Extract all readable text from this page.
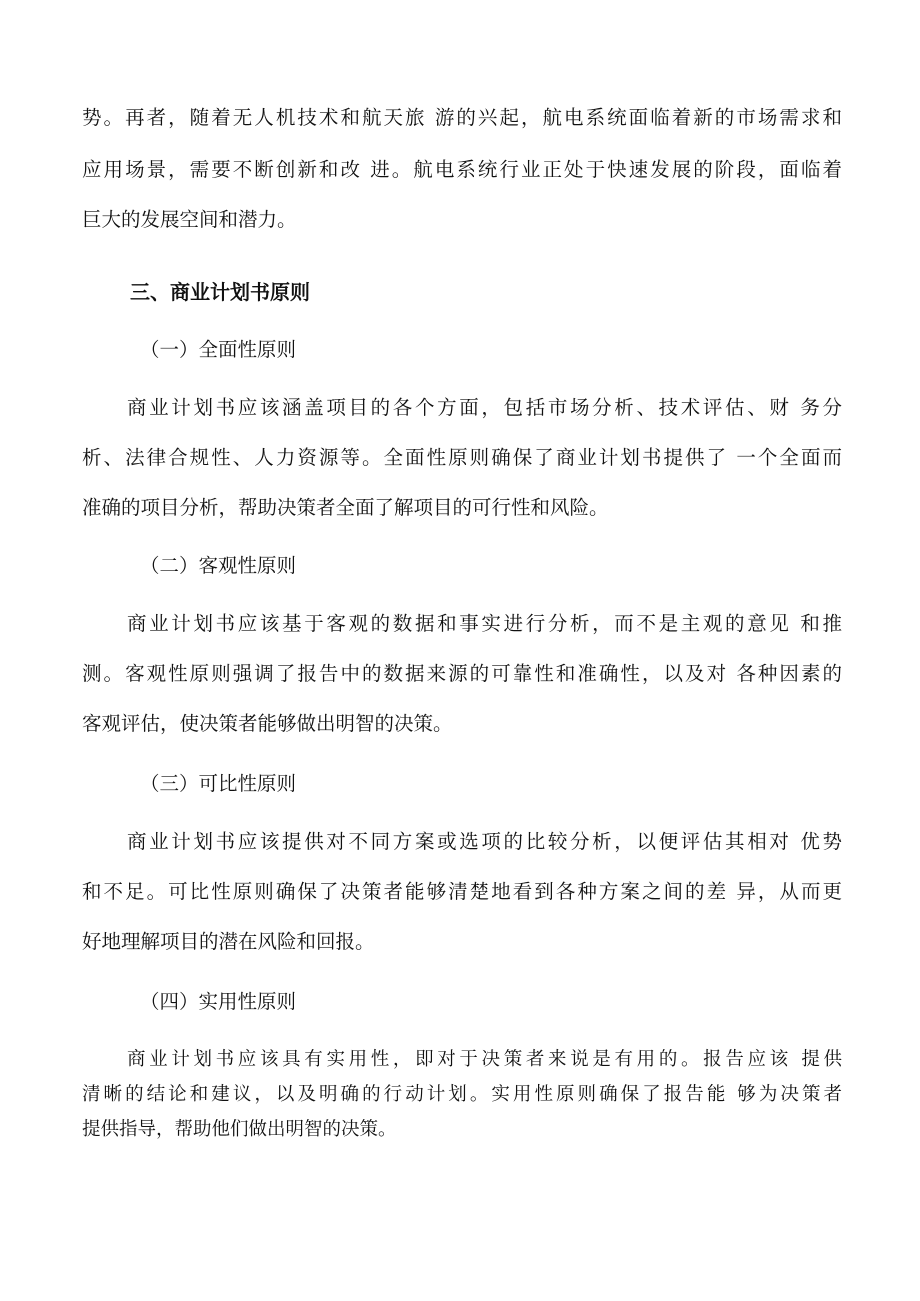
势。再者，随着无人机技术和航天旅 游的兴起，航电系统面临着新的市场需求和
应用场景，需要不断创新和改 进。航电系统行业正处于快速发展的阶段，面临着
巨大的发展空间和潜力。
三、商业计划书原则
（一）全面性原则
商业计划书应该涵盖项目的各个方面，包括市场分析、技术评估、财 务分
析、法律合规性、人力资源等。全面性原则确保了商业计划书提供了 一个全面而
准确的项目分析，帮助决策者全面了解项目的可行性和风险。
（二）客观性原则
商业计划书应该基于客观的数据和事实进行分析，而不是主观的意见 和推
测。客观性原则强调了报告中的数据来源的可靠性和准确性，以及对 各种因素的
客观评估，使决策者能够做出明智的决策。
（三）可比性原则
商业计划书应该提供对不同方案或选项的比较分析，以便评估其相对 优势
和不足。可比性原则确保了决策者能够清楚地看到各种方案之间的差 异，从而更
好地理解项目的潜在风险和回报。
（四）实用性原则
商业计划书应该具有实用性，即对于决策者来说是有用的。报告应该 提供
清晰的结论和建议，以及明确的行动计划。实用性原则确保了报告能 够为决策者
提供指导，帮助他们做出明智的决策。
